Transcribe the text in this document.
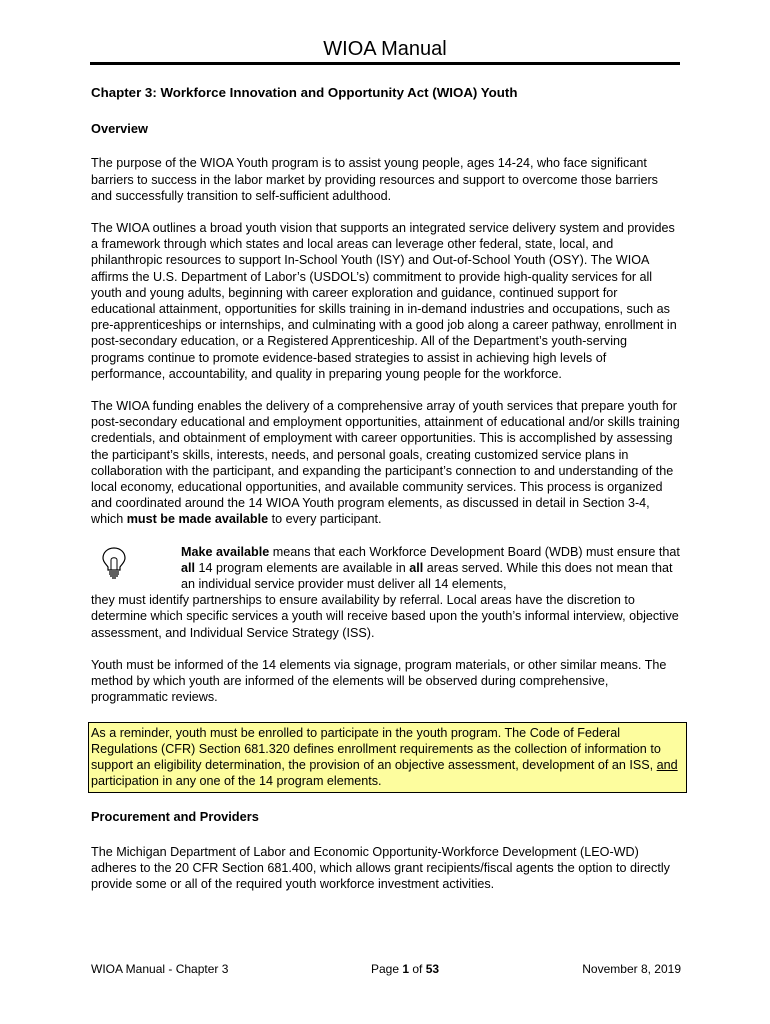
WIOA Manual

Chapter 3: Workforce Innovation and Opportunity Act (WIOA) Youth

Overview

The purpose of the WIOA Youth program is to assist young people, ages 14-24, who face significant barriers to success in the labor market by providing resources and support to overcome those barriers and successfully transition to self-sufficient adulthood.

The WIOA outlines a broad youth vision that supports an integrated service delivery system and provides a framework through which states and local areas can leverage other federal, state, local, and philanthropic resources to support In-School Youth (ISY) and Out-of-School Youth (OSY). The WIOA affirms the U.S. Department of Labor’s (USDOL’s) commitment to provide high-quality services for all youth and young adults, beginning with career exploration and guidance, continued support for educational attainment, opportunities for skills training in in-demand industries and occupations, such as pre-apprenticeships or internships, and culminating with a good job along a career pathway, enrollment in post-secondary education, or a Registered Apprenticeship. All of the Department’s youth-serving programs continue to promote evidence-based strategies to assist in achieving high levels of performance, accountability, and quality in preparing young people for the workforce.

The WIOA funding enables the delivery of a comprehensive array of youth services that prepare youth for post-secondary educational and employment opportunities, attainment of educational and/or skills training credentials, and obtainment of employment with career opportunities. This is accomplished by assessing the participant’s skills, interests, needs, and personal goals, creating customized service plans in collaboration with the participant, and expanding the participant’s connection to and understanding of the local economy, educational opportunities, and available community services. This process is organized and coordinated around the 14 WIOA Youth program elements, as discussed in detail in Section 3-4, which must be made available to every participant.

Make available means that each Workforce Development Board (WDB) must ensure that all 14 program elements are available in all areas served. While this does not mean that an individual service provider must deliver all 14 elements,

they must identify partnerships to ensure availability by referral. Local areas have the discretion to determine which specific services a youth will receive based upon the youth’s informal interview, objective assessment, and Individual Service Strategy (ISS).

Youth must be informed of the 14 elements via signage, program materials, or other similar means. The method by which youth are informed of the elements will be observed during comprehensive, programmatic reviews.

As a reminder, youth must be enrolled to participate in the youth program. The Code of Federal Regulations (CFR) Section 681.320 defines enrollment requirements as the collection of information to support an eligibility determination, the provision of an objective assessment, development of an ISS, and participation in any one of the 14 program elements.

Procurement and Providers

The Michigan Department of Labor and Economic Opportunity-Workforce Development (LEO-WD) adheres to the 20 CFR Section 681.400, which allows grant recipients/fiscal agents the option to directly provide some or all of the required youth workforce investment activities.

WIOA Manual - Chapter 3	Page 1 of 53	November 8, 2019
